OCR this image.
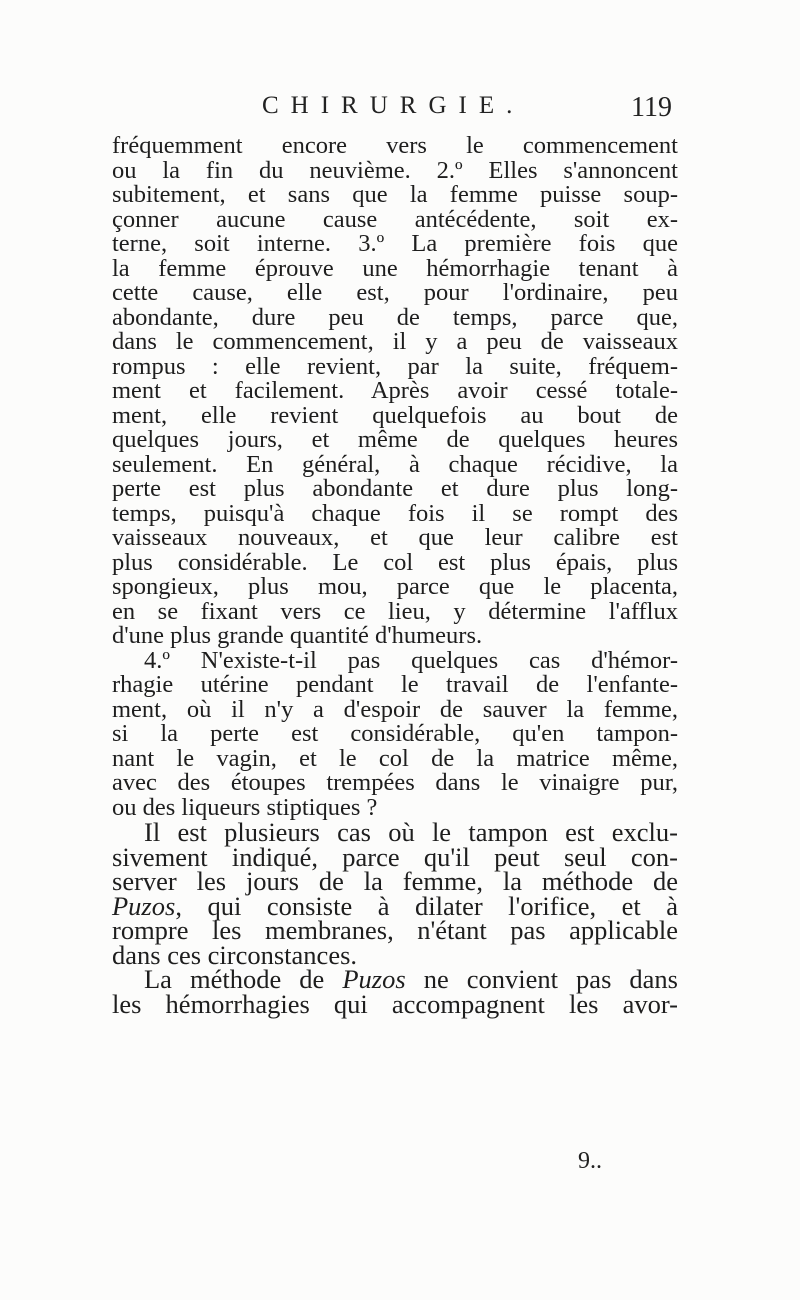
CHIRURGIE.	119
fréquemment encore vers le commencement
ou la fin du neuvième. 2.º Elles s'annoncent
subitement, et sans que la femme puisse soup-
çonner aucune cause antécédente, soit ex-
terne, soit interne. 3.º La première fois que
la femme éprouve une hémorrhagie tenant à
cette cause, elle est, pour l'ordinaire, peu
abondante, dure peu de temps, parce que,
dans le commencement, il y a peu de vaisseaux
rompus : elle revient, par la suite, fréquem-
ment et facilement. Après avoir cessé totale-
ment, elle revient quelquefois au bout de
quelques jours, et même de quelques heures
seulement. En général, à chaque récidive, la
perte est plus abondante et dure plus long-
temps, puisqu'à chaque fois il se rompt des
vaisseaux nouveaux, et que leur calibre est
plus considérable. Le col est plus épais, plus
spongieux, plus mou, parce que le placenta,
en se fixant vers ce lieu, y détermine l'afflux
d'une plus grande quantité d'humeurs.
4.º N'existe-t-il pas quelques cas d'hémor-
rhagie utérine pendant le travail de l'enfante-
ment, où il n'y a d'espoir de sauver la femme,
si la perte est considérable, qu'en tampon-
nant le vagin, et le col de la matrice même,
avec des étoupes trempées dans le vinaigre pur,
ou des liqueurs stiptiques ?
Il est plusieurs cas où le tampon est exclu-
sivement indiqué, parce qu'il peut seul con-
server les jours de la femme, la méthode de
Puzos, qui consiste à dilater l'orifice, et à
rompre les membranes, n'étant pas applicable
dans ces circonstances.
La méthode de Puzos ne convient pas dans
les hémorrhagies qui accompagnent les avor-
9..
